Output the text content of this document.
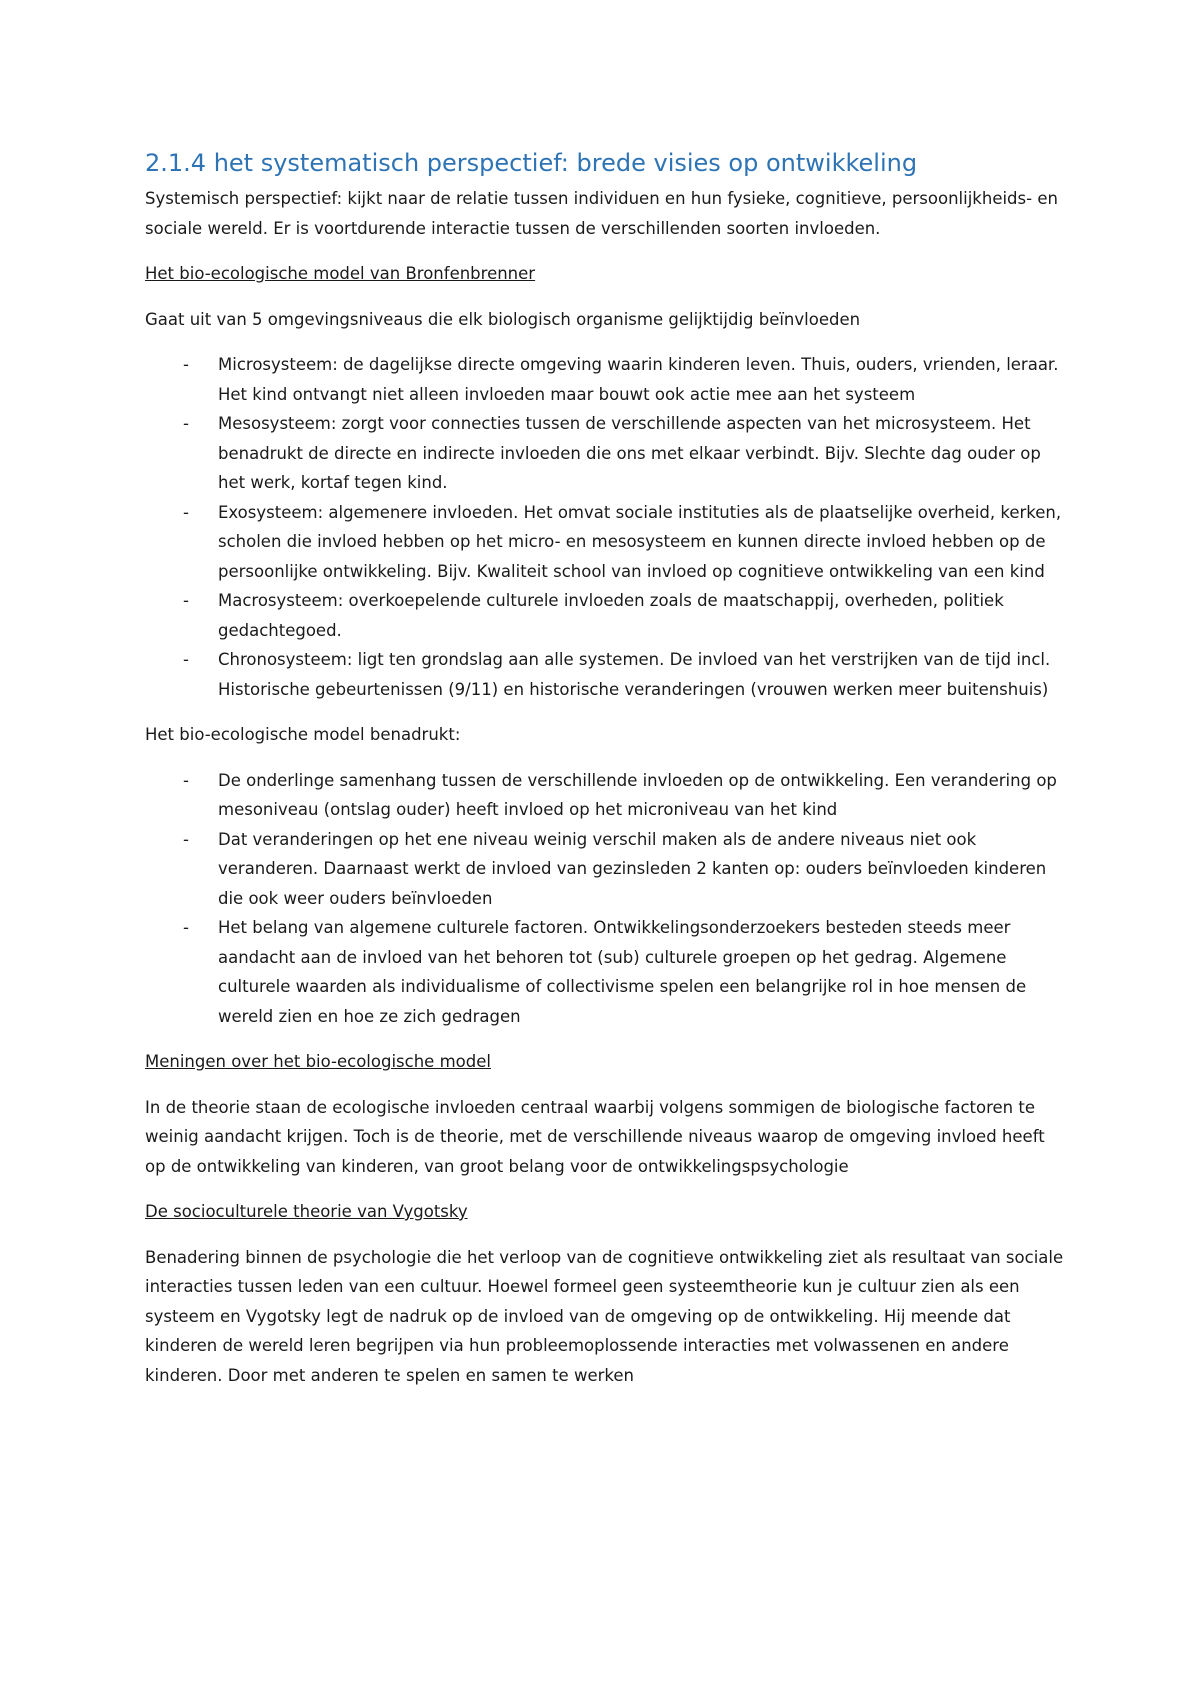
2.1.4 het systematisch perspectief: brede visies op ontwikkeling

Systemisch perspectief: kijkt naar de relatie tussen individuen en hun fysieke, cognitieve, persoonlijkheids- en sociale wereld. Er is voortdurende interactie tussen de verschillenden soorten invloeden.

Het bio-ecologische model van Bronfenbrenner

Gaat uit van 5 omgevingsniveaus die elk biologisch organisme gelijktijdig beïnvloeden

- Microsysteem: de dagelijkse directe omgeving waarin kinderen leven. Thuis, ouders, vrienden, leraar. Het kind ontvangt niet alleen invloeden maar bouwt ook actie mee aan het systeem
- Mesosysteem: zorgt voor connecties tussen de verschillende aspecten van het microsysteem. Het benadrukt de directe en indirecte invloeden die ons met elkaar verbindt. Bijv. Slechte dag ouder op het werk, kortaf tegen kind.
- Exosysteem: algemenere invloeden. Het omvat sociale instituties als de plaatselijke overheid, kerken, scholen die invloed hebben op het micro- en mesosysteem en kunnen directe invloed hebben op de persoonlijke ontwikkeling. Bijv. Kwaliteit school van invloed op cognitieve ontwikkeling van een kind
- Macrosysteem: overkoepelende culturele invloeden zoals de maatschappij, overheden, politiek gedachtegoed.
- Chronosysteem: ligt ten grondslag aan alle systemen. De invloed van het verstrijken van de tijd incl. Historische gebeurtenissen (9/11) en historische veranderingen (vrouwen werken meer buitenshuis)

Het bio-ecologische model benadrukt:

- De onderlinge samenhang tussen de verschillende invloeden op de ontwikkeling. Een verandering op mesoniveau (ontslag ouder) heeft invloed op het microniveau van het kind
- Dat veranderingen op het ene niveau weinig verschil maken als de andere niveaus niet ook veranderen. Daarnaast werkt de invloed van gezinsleden 2 kanten op: ouders beïnvloeden kinderen die ook weer ouders beïnvloeden
- Het belang van algemene culturele factoren. Ontwikkelingsonderzoekers besteden steeds meer aandacht aan de invloed van het behoren tot (sub) culturele groepen op het gedrag. Algemene culturele waarden als individualisme of collectivisme spelen een belangrijke rol in hoe mensen de wereld zien en hoe ze zich gedragen

Meningen over het bio-ecologische model

In de theorie staan de ecologische invloeden centraal waarbij volgens sommigen de biologische factoren te weinig aandacht krijgen. Toch is de theorie, met de verschillende niveaus waarop de omgeving invloed heeft op de ontwikkeling van kinderen, van groot belang voor de ontwikkelingspsychologie

De socioculturele theorie van Vygotsky

Benadering binnen de psychologie die het verloop van de cognitieve ontwikkeling ziet als resultaat van sociale interacties tussen leden van een cultuur. Hoewel formeel geen systeemtheorie kun je cultuur zien als een systeem en Vygotsky legt de nadruk op de invloed van de omgeving op de ontwikkeling. Hij meende dat kinderen de wereld leren begrijpen via hun probleemoplossende interacties met volwassenen en andere kinderen. Door met anderen te spelen en samen te werken
